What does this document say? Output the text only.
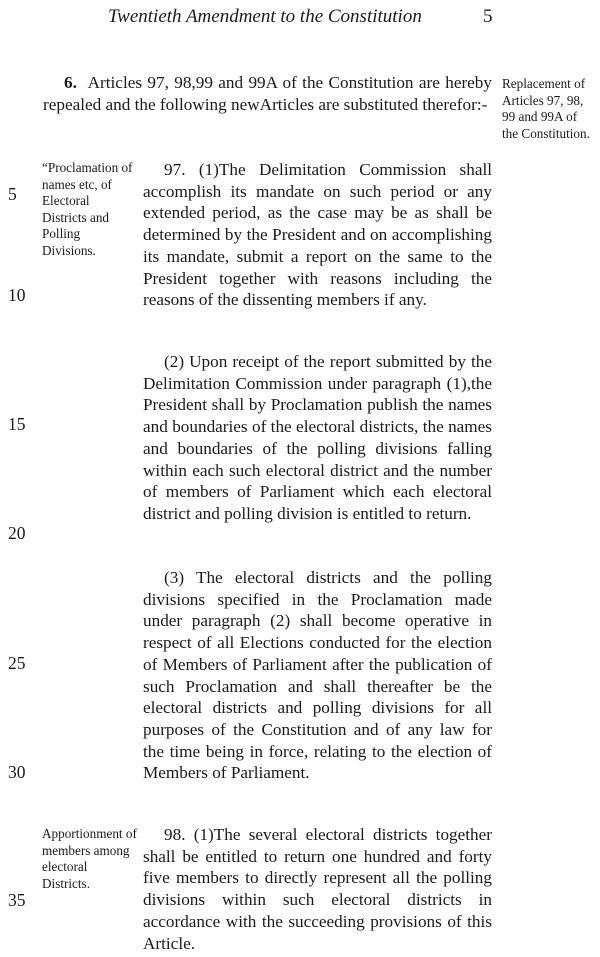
Twentieth Amendment to the Constitution	5

6. Articles 97, 98,99 and 99A of the Constitution are hereby repealed and the following newArticles are substituted therefor:-

Replacement of Articles 97, 98, 99 and 99A of the Constitution.
“Proclamation of names etc, of Electoral Districts and Polling Divisions.

97. (1)The Delimitation Commission shall accomplish its mandate on such period or any extended period, as the case may be as shall be determined by the President and on accomplishing its mandate, submit a report on the same to the President together with reasons including the reasons of the dissenting members if any.

(2) Upon receipt of the report submitted by the Delimitation Commission under paragraph (1),the President shall by Proclamation publish the names and boundaries of the electoral districts, the names and boundaries of the polling divisions falling within each such electoral district and the number of members of Parliament which each electoral district and polling division is entitled to return.

(3) The electoral districts and the polling divisions specified in the Proclamation made under paragraph (2) shall become operative in respect of all Elections conducted for the election of Members of Parliament after the publication of such Proclamation and shall thereafter be the electoral districts and polling divisions for all purposes of the Constitution and of any law for the time being in force, relating to the election of Members of Parliament.

Apportionment of members among electoral Districts.

98. (1)The several electoral districts together shall be entitled to return one hundred and forty five members to directly represent all the polling divisions within such electoral districts in accordance with the succeeding provisions of this Article.

5
10
15
20
25
30
35
